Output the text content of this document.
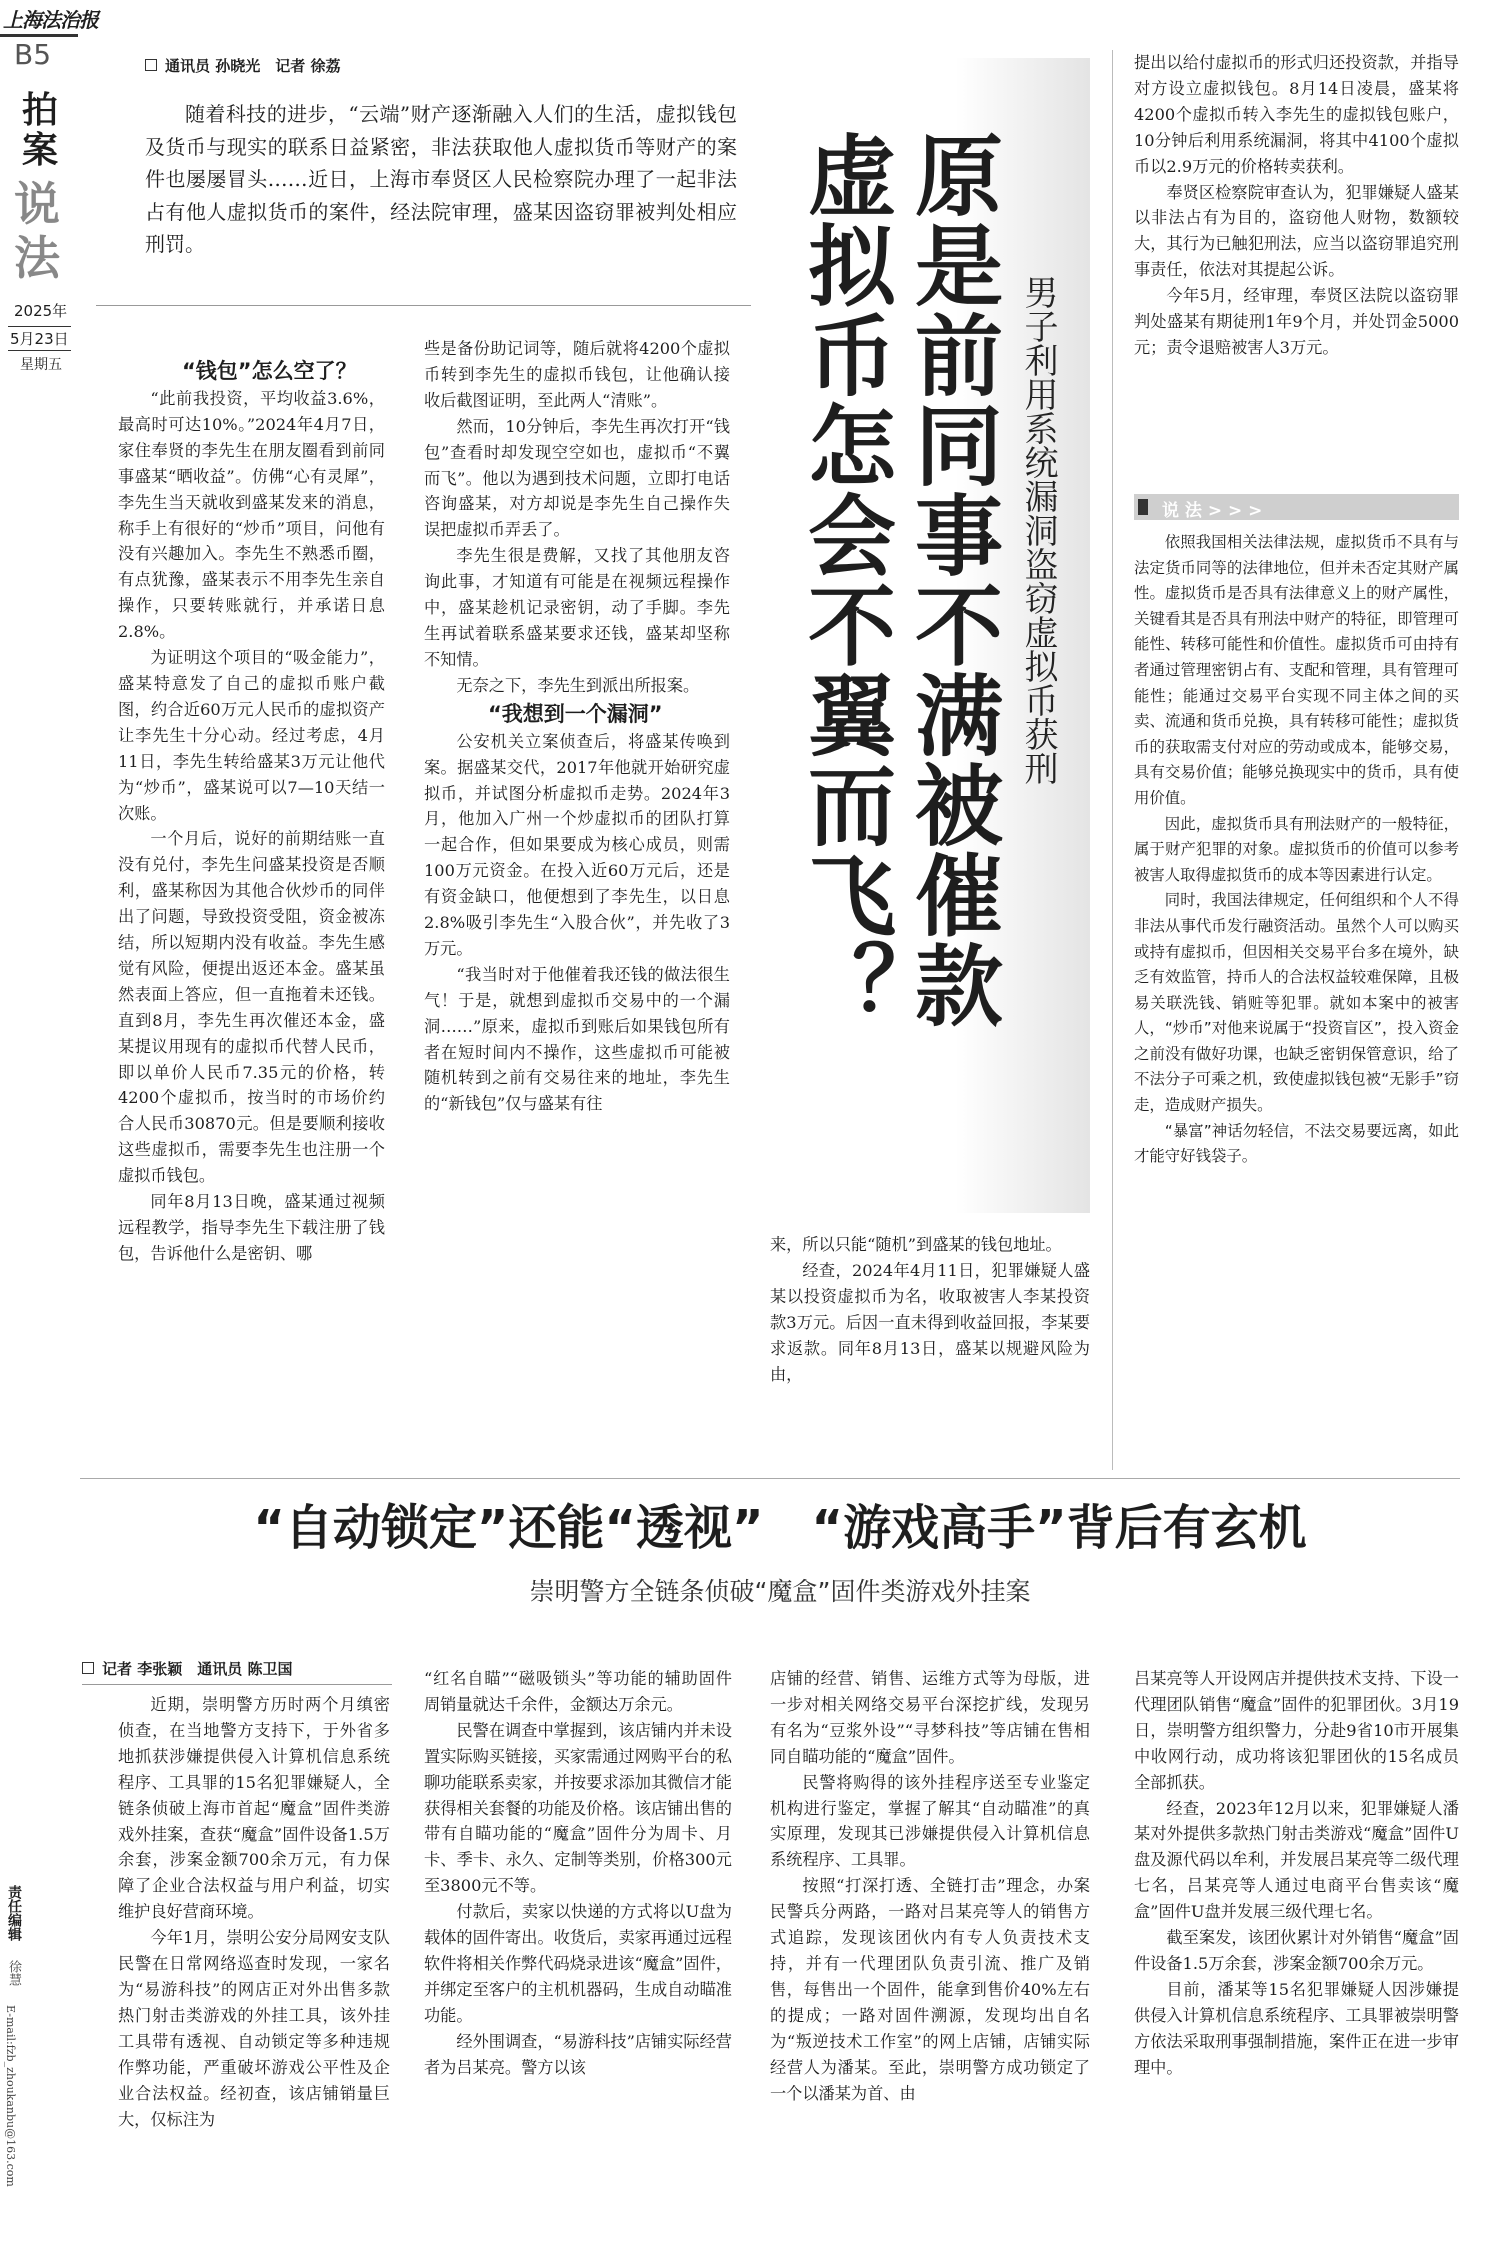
上海法治报
B5
拍
案
说
法
2025年
5月23日
星期五
责任编辑
徐慧
E-mail:fzb_zhoukanbu@163.com
通讯员 孙晓光　记者 徐荔
随着科技的进步，“云端”财产逐渐融入人们的生活，虚拟钱包及货币与现实的联系日益紧密，非法获取他人虚拟货币等财产的案件也屡屡冒头……近日，上海市奉贤区人民检察院办理了一起非法占有他人虚拟货币的案件，经法院审理，盛某因盗窃罪被判处相应刑罚。	原是前同事不满被催款
虚拟币怎会不翼而飞？	男子利用系统漏洞盗窃虚拟币获刑

“钱包”怎么空了？

“此前我投资，平均收益3.6%，最高时可达10%。”2024年4月7日，家住奉贤的李先生在朋友圈看到前同事盛某“晒收益”。仿佛“心有灵犀”，李先生当天就收到盛某发来的消息，称手上有很好的“炒币”项目，问他有没有兴趣加入。李先生不熟悉币圈，有点犹豫，盛某表示不用李先生亲自操作，只要转账就行，并承诺日息2.8%。

为证明这个项目的“吸金能力”，盛某特意发了自己的虚拟币账户截图，约合近60万元人民币的虚拟资产让李先生十分心动。经过考虑，4月11日，李先生转给盛某3万元让他代为“炒币”，盛某说可以7—10天结一次账。

一个月后，说好的前期结账一直没有兑付，李先生问盛某投资是否顺利，盛某称因为其他合伙炒币的同伴出了问题，导致投资受阻，资金被冻结，所以短期内没有收益。李先生感觉有风险，便提出返还本金。盛某虽然表面上答应，但一直拖着未还钱。直到8月，李先生再次催还本金，盛某提议用现有的虚拟币代替人民币，即以单价人民币7.35元的价格，转4200个虚拟币，按当时的市场价约合人民币30870元。但是要顺利接收这些虚拟币，需要李先生也注册一个虚拟币钱包。

同年8月13日晚，盛某通过视频远程教学，指导李先生下载注册了钱包，告诉他什么是密钥、哪

些是备份助记词等，随后就将4200个虚拟币转到李先生的虚拟币钱包，让他确认接收后截图证明，至此两人“清账”。

然而，10分钟后，李先生再次打开“钱包”查看时却发现空空如也，虚拟币“不翼而飞”。他以为遇到技术问题，立即打电话咨询盛某，对方却说是李先生自己操作失误把虚拟币弄丢了。

李先生很是费解，又找了其他朋友咨询此事，才知道有可能是在视频远程操作中，盛某趁机记录密钥，动了手脚。李先生再试着联系盛某要求还钱，盛某却坚称不知情。

无奈之下，李先生到派出所报案。

“我想到一个漏洞”

公安机关立案侦查后，将盛某传唤到案。据盛某交代，2017年他就开始研究虚拟币，并试图分析虚拟币走势。2024年3月，他加入广州一个炒虚拟币的团队打算一起合作，但如果要成为核心成员，则需100万元资金。在投入近60万元后，还是有资金缺口，他便想到了李先生，以日息2.8%吸引李先生“入股合伙”，并先收了3万元。

“我当时对于他催着我还钱的做法很生气！于是，就想到虚拟币交易中的一个漏洞……”原来，虚拟币到账后如果钱包所有者在短时间内不操作，这些虚拟币可能被随机转到之前有交易往来的地址，李先生的“新钱包”仅与盛某有往

来，所以只能“随机”到盛某的钱包地址。

经查，2024年4月11日，犯罪嫌疑人盛某以投资虚拟币为名，收取被害人李某投资款3万元。后因一直未得到收益回报，李某要求返款。同年8月13日，盛某以规避风险为由，

提出以给付虚拟币的形式归还投资款，并指导对方设立虚拟钱包。8月14日凌晨，盛某将4200个虚拟币转入李先生的虚拟钱包账户，10分钟后利用系统漏洞，将其中4100个虚拟币以2.9万元的价格转卖获利。

奉贤区检察院审查认为，犯罪嫌疑人盛某以非法占有为目的，盗窃他人财物，数额较大，其行为已触犯刑法，应当以盗窃罪追究刑事责任，依法对其提起公诉。

今年5月，经审理，奉贤区法院以盗窃罪判处盛某有期徒刑1年9个月，并处罚金5000元；责令退赔被害人3万元。

说 法 > > >

依照我国相关法律法规，虚拟货币不具有与法定货币同等的法律地位，但并未否定其财产属性。虚拟货币是否具有法律意义上的财产属性，关键看其是否具有刑法中财产的特征，即管理可能性、转移可能性和价值性。虚拟货币可由持有者通过管理密钥占有、支配和管理，具有管理可能性；能通过交易平台实现不同主体之间的买卖、流通和货币兑换，具有转移可能性；虚拟货币的获取需支付对应的劳动或成本，能够交易，具有交易价值；能够兑换现实中的货币，具有使用价值。

因此，虚拟货币具有刑法财产的一般特征，属于财产犯罪的对象。虚拟货币的价值可以参考被害人取得虚拟货币的成本等因素进行认定。

同时，我国法律规定，任何组织和个人不得非法从事代币发行融资活动。虽然个人可以购买或持有虚拟币，但因相关交易平台多在境外，缺乏有效监管，持币人的合法权益较难保障，且极易关联洗钱、销赃等犯罪。就如本案中的被害人，“炒币”对他来说属于“投资盲区”，投入资金之前没有做好功课，也缺乏密钥保管意识，给了不法分子可乘之机，致使虚拟钱包被“无影手”窃走，造成财产损失。

“暴富”神话勿轻信，不法交易要远离，如此才能守好钱袋子。

“自动锁定”还能“透视”　“游戏高手”背后有玄机
崇明警方全链条侦破“魔盒”固件类游戏外挂案
记者 李张颖　通讯员 陈卫国

近期，崇明警方历时两个月缜密侦查，在当地警方支持下，于外省多地抓获涉嫌提供侵入计算机信息系统程序、工具罪的15名犯罪嫌疑人，全链条侦破上海市首起“魔盒”固件类游戏外挂案，查获“魔盒”固件设备1.5万余套，涉案金额700余万元，有力保障了企业合法权益与用户利益，切实维护良好营商环境。

今年1月，崇明公安分局网安支队民警在日常网络巡查时发现，一家名为“易游科技”的网店正对外出售多款热门射击类游戏的外挂工具，该外挂工具带有透视、自动锁定等多种违规作弊功能，严重破坏游戏公平性及企业合法权益。经初查，该店铺销量巨大，仅标注为

“红名自瞄”“磁吸锁头”等功能的辅助固件周销量就达千余件，金额达万余元。

民警在调查中掌握到，该店铺内并未设置实际购买链接，买家需通过网购平台的私聊功能联系卖家，并按要求添加其微信才能获得相关套餐的功能及价格。该店铺出售的带有自瞄功能的“魔盒”固件分为周卡、月卡、季卡、永久、定制等类别，价格300元至3800元不等。

付款后，卖家以快递的方式将以U盘为载体的固件寄出。收货后，卖家再通过远程软件将相关作弊代码烧录进该“魔盒”固件，并绑定至客户的主机机器码，生成自动瞄准功能。

经外围调查，“易游科技”店铺实际经营者为吕某亮。警方以该

店铺的经营、销售、运维方式等为母版，进一步对相关网络交易平台深挖扩线，发现另有名为“豆浆外设”“寻梦科技”等店铺在售相同自瞄功能的“魔盒”固件。

民警将购得的该外挂程序送至专业鉴定机构进行鉴定，掌握了解其“自动瞄准”的真实原理，发现其已涉嫌提供侵入计算机信息系统程序、工具罪。

按照“打深打透、全链打击”理念，办案民警兵分两路，一路对吕某亮等人的销售方式追踪，发现该团伙内有专人负责技术支持，并有一代理团队负责引流、推广及销售，每售出一个固件，能拿到售价40%左右的提成；一路对固件溯源，发现均出自名为“叛逆技术工作室”的网上店铺，店铺实际经营人为潘某。至此，崇明警方成功锁定了一个以潘某为首、由

吕某亮等人开设网店并提供技术支持、下设一代理团队销售“魔盒”固件的犯罪团伙。3月19日，崇明警方组织警力，分赴9省10市开展集中收网行动，成功将该犯罪团伙的15名成员全部抓获。

经查，2023年12月以来，犯罪嫌疑人潘某对外提供多款热门射击类游戏“魔盒”固件U盘及源代码以牟利，并发展吕某亮等二级代理七名，吕某亮等人通过电商平台售卖该“魔盒”固件U盘并发展三级代理七名。

截至案发，该团伙累计对外销售“魔盒”固件设备1.5万余套，涉案金额700余万元。

目前，潘某等15名犯罪嫌疑人因涉嫌提供侵入计算机信息系统程序、工具罪被崇明警方依法采取刑事强制措施，案件正在进一步审理中。
